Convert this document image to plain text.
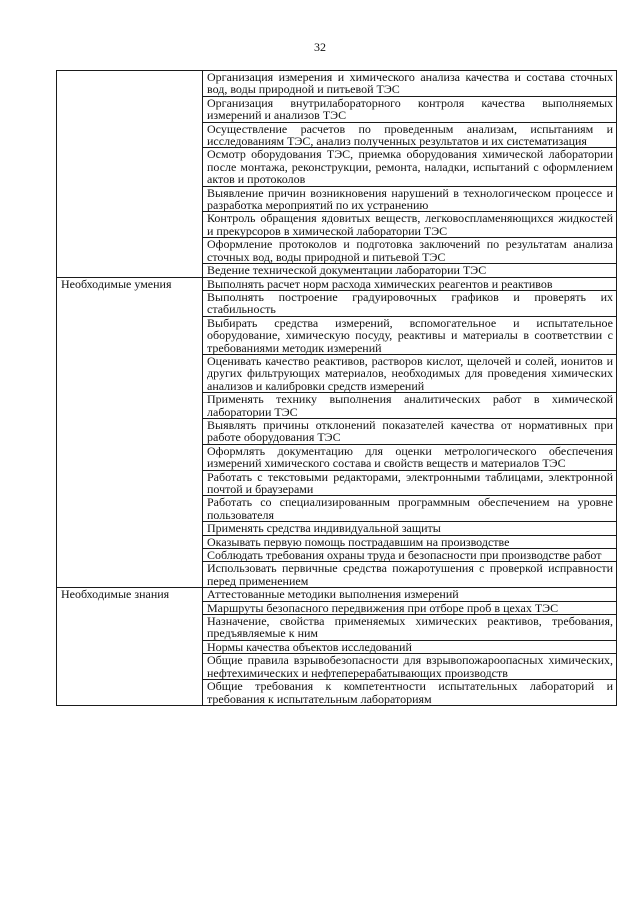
32
	Организация измерения и химического анализа качества и состава сточных вод, воды природной и питьевой ТЭС
	Организация внутрилабораторного контроля качества выполняемых измерений и анализов ТЭС
	Осуществление расчетов по проведенным анализам, испытаниям и исследованиям ТЭС, анализ полученных результатов и их систематизация
	Осмотр оборудования ТЭС, приемка оборудования химической лаборатории после монтажа, реконструкции, ремонта, наладки, испытаний с оформлением актов и протоколов
	Выявление причин возникновения нарушений в технологическом процессе и разработка мероприятий по их устранению
	Контроль обращения ядовитых веществ, легковоспламеняющихся жидкостей и прекурсоров в химической лаборатории ТЭС
	Оформление протоколов и подготовка заключений по результатам анализа сточных вод, воды природной и питьевой ТЭС
	Ведение технической документации лаборатории ТЭС
Необходимые умения	Выполнять расчет норм расхода химических реагентов и реактивов
	Выполнять построение градуировочных графиков и проверять их стабильность
	Выбирать средства измерений, вспомогательное и испытательное оборудование, химическую посуду, реактивы и материалы в соответствии с требованиями методик измерений
	Оценивать качество реактивов, растворов кислот, щелочей и солей, ионитов и других фильтрующих материалов, необходимых для проведения химических анализов и калибровки средств измерений
	Применять технику выполнения аналитических работ в химической лаборатории ТЭС
	Выявлять причины отклонений показателей качества от нормативных при работе оборудования ТЭС
	Оформлять документацию для оценки метрологического обеспечения измерений химического состава и свойств веществ и материалов ТЭС
	Работать с текстовыми редакторами, электронными таблицами, электронной почтой и браузерами
	Работать со специализированным программным обеспечением на уровне пользователя
	Применять средства индивидуальной защиты
	Оказывать первую помощь пострадавшим на производстве
	Соблюдать требования охраны труда и безопасности при производстве работ
	Использовать первичные средства пожаротушения с проверкой исправности перед применением
Необходимые знания	Аттестованные методики выполнения измерений
	Маршруты безопасного передвижения при отборе проб в цехах ТЭС
	Назначение, свойства применяемых химических реактивов, требования, предъявляемые к ним
	Нормы качества объектов исследований
	Общие правила взрывобезопасности для взрывопожароопасных химических, нефтехимических и нефтеперерабатывающих производств
	Общие требования к компетентности испытательных лабораторий и требования к испытательным лабораториям
